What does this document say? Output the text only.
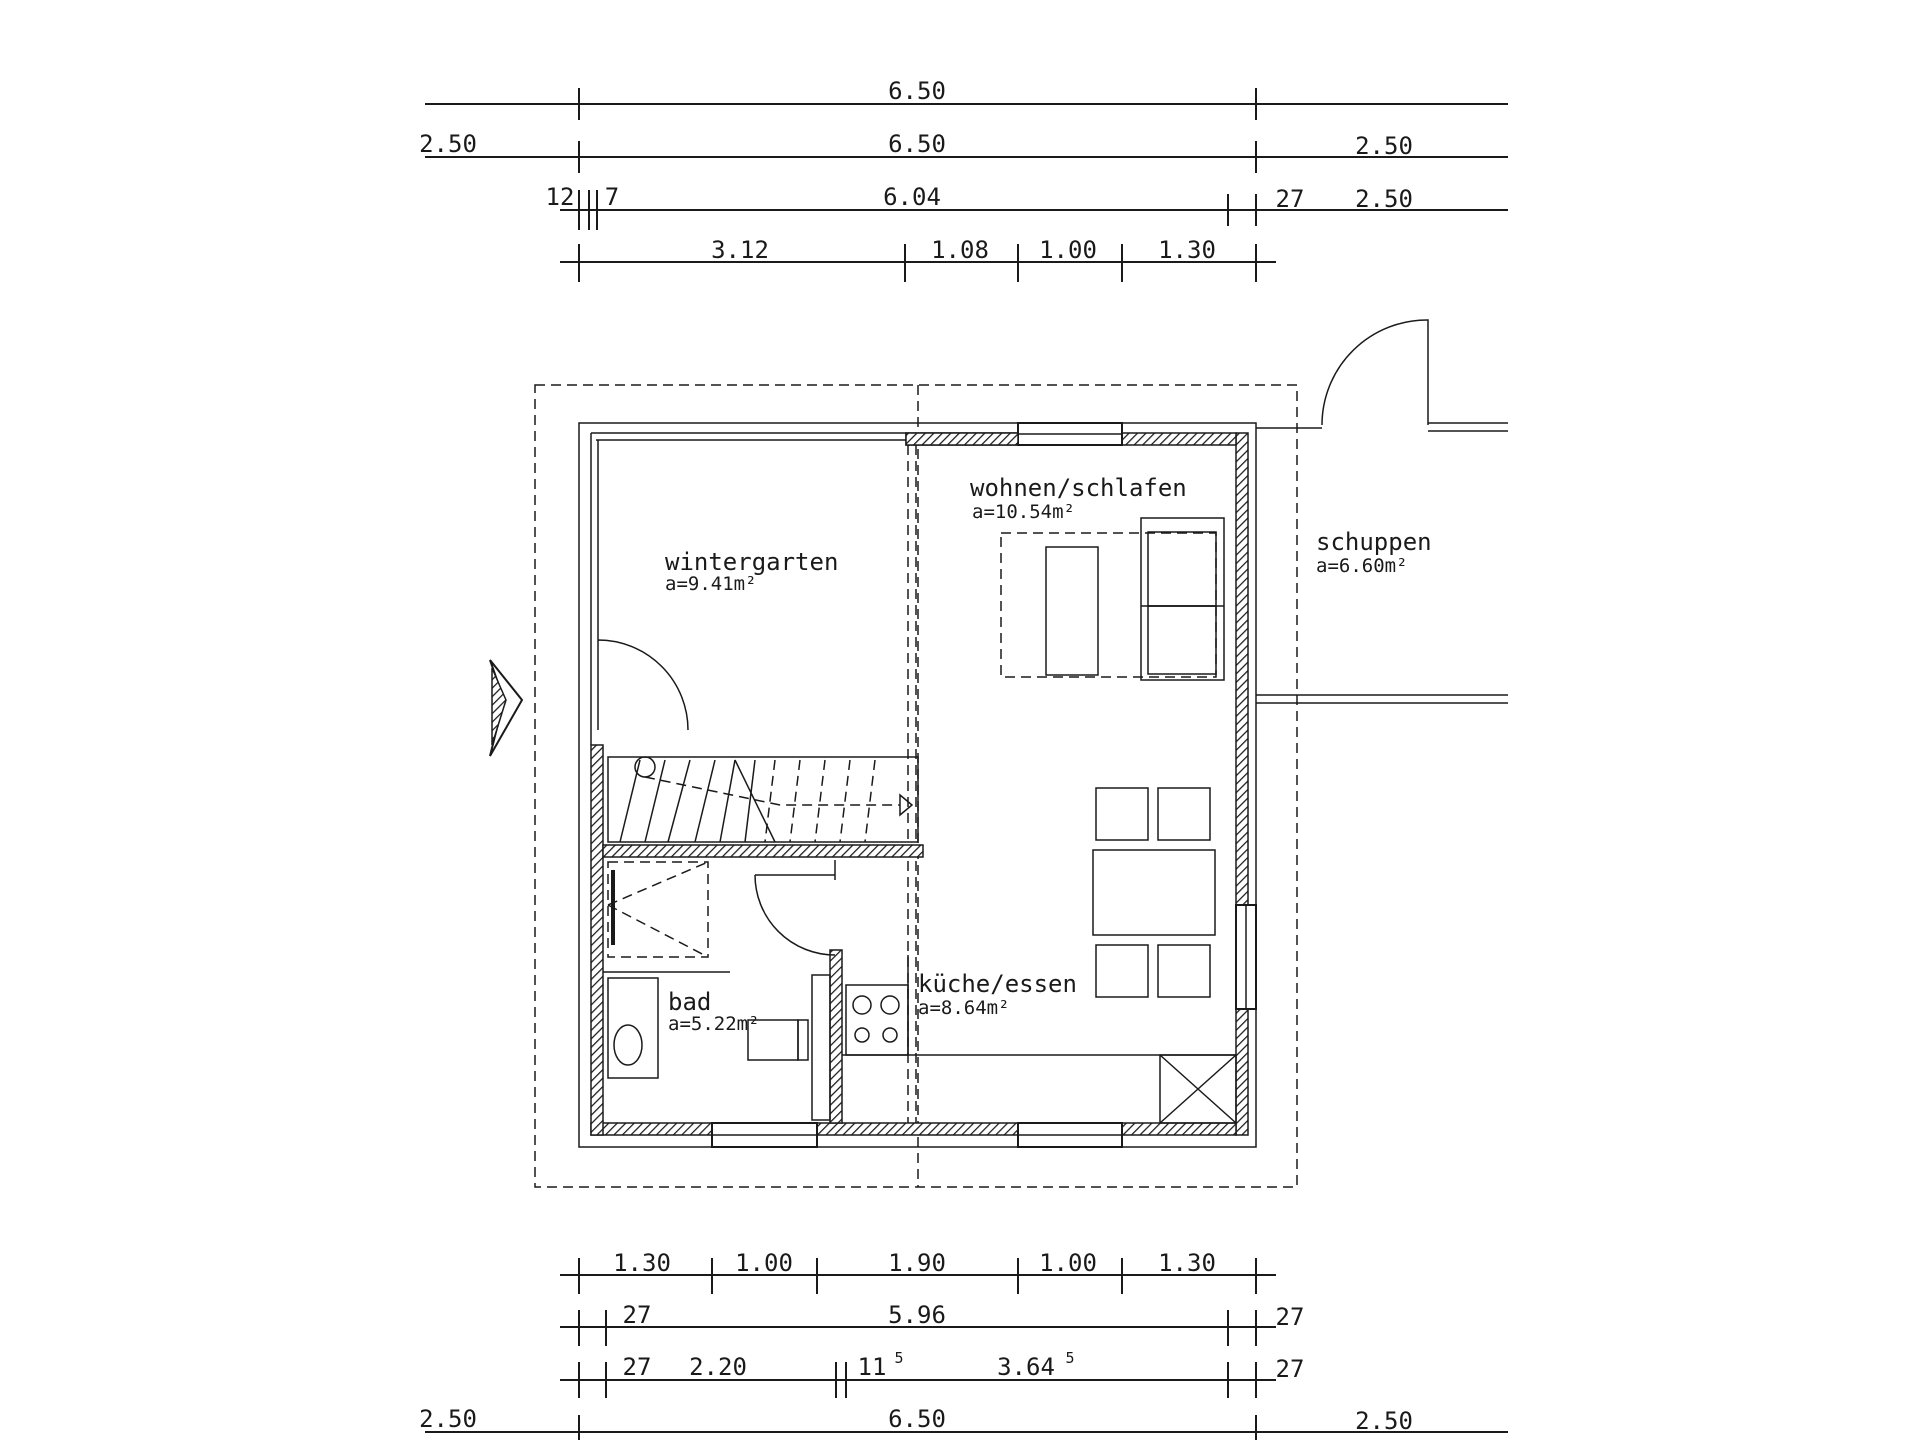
6.50
2.50	6.50	2.50
12 7	6.04	27 2.50
3.12	1.08 1.00	1.30
wintergarten
a=9.41m²
wohnen/schlafen
a=10.54m²
schuppen
a=6.60m²
bad
a=5.22m²
küche/essen
a=8.64m²
1.30	1.00	1.90	1.00	1.30
27	5.96	27
27 2.20	11 5	3.64 5	27
2.50	6.50	2.50
